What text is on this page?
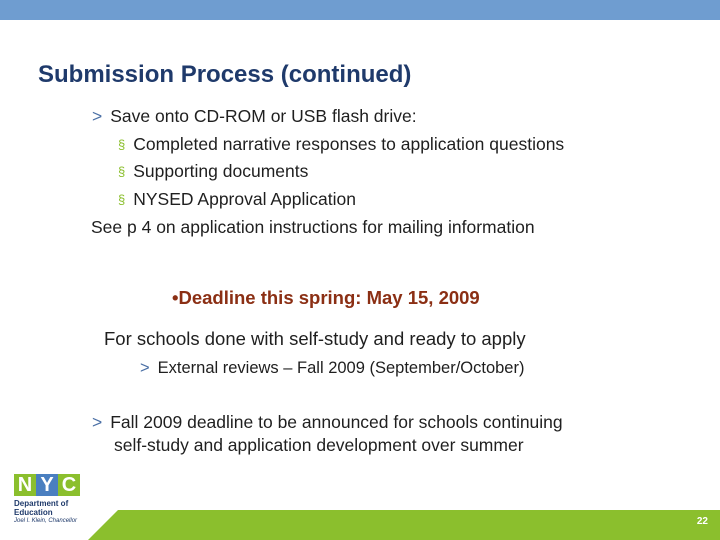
Submission Process (continued)
> Save onto CD-ROM or USB flash drive:
§ Completed narrative responses to application questions
§ Supporting documents
§ NYSED Approval Application
See p 4 on application instructions for mailing information
•Deadline this spring: May 15, 2009
For schools done with self-study and ready to apply
> External reviews – Fall 2009 (September/October)
> Fall 2009 deadline to be announced for schools continuing
self-study and application development over summer
N Y C
Department of
Education
Joel I. Klein, Chancellor	22
